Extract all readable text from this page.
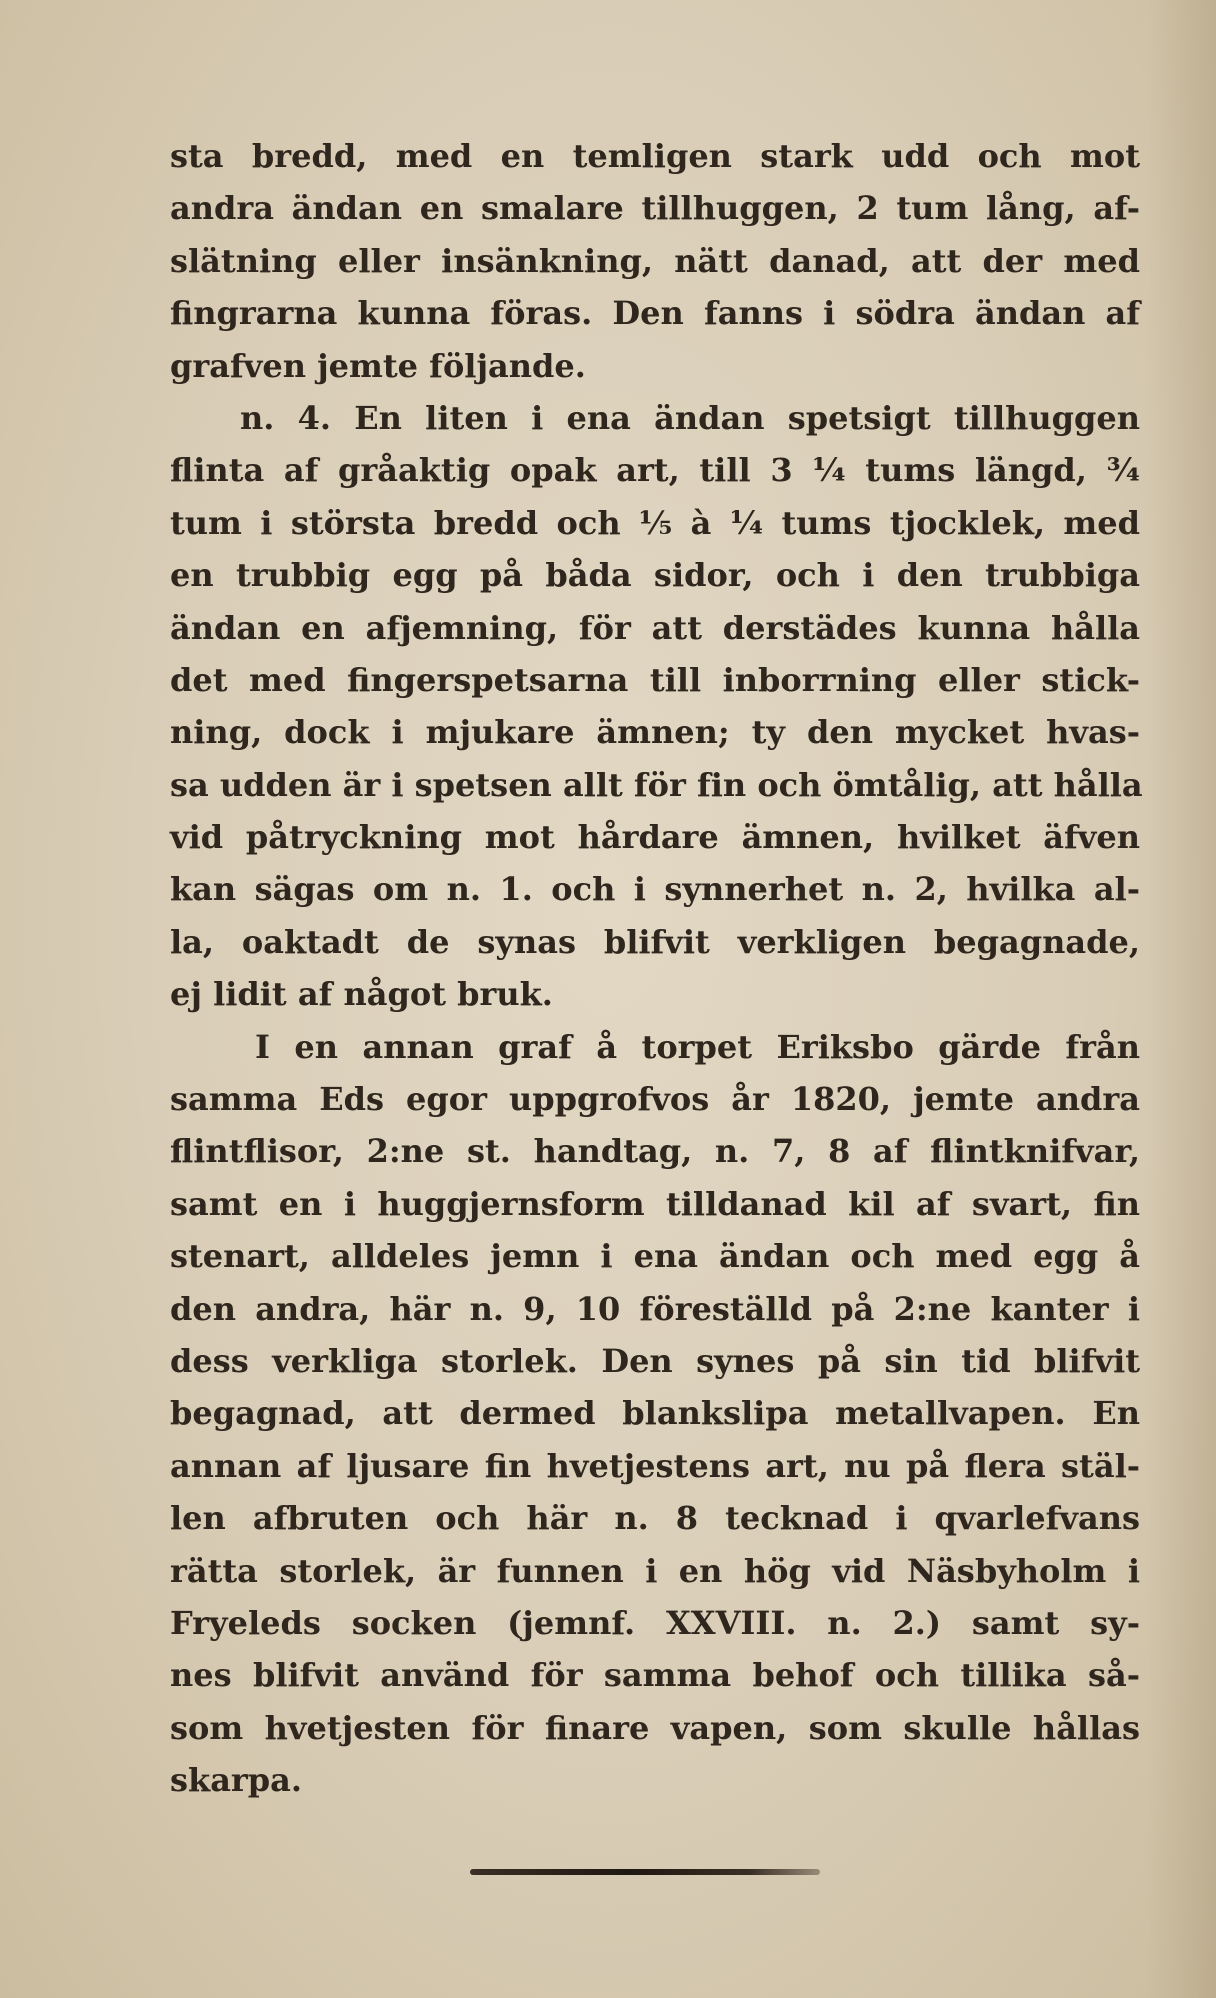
sta bredd, med en temligen stark udd och mot
andra ändan en smalare tillhuggen, 2 tum lång, af-
slätning eller insänkning, nätt danad, att der med
fingrarna kunna föras. Den fanns i södra ändan af
grafven jemte följande.
n. 4. En liten i ena ändan spetsigt tillhuggen
flinta af gråaktig opak art, till 3 ¼ tums längd, ¾
tum i största bredd och ⅕ à ¼ tums tjocklek, med
en trubbig egg på båda sidor, och i den trubbiga
ändan en afjemning, för att derstädes kunna hålla
det med fingerspetsarna till inborrning eller stick-
ning, dock i mjukare ämnen; ty den mycket hvas-
sa udden är i spetsen allt för fin och ömtålig, att hålla
vid påtryckning mot hårdare ämnen, hvilket äfven
kan sägas om n. 1. och i synnerhet n. 2, hvilka al-
la, oaktadt de synas blifvit verkligen begagnade,
ej lidit af något bruk.
I en annan graf å torpet Eriksbo gärde från
samma Eds egor uppgrofvos år 1820, jemte andra
flintflisor, 2:ne st. handtag, n. 7, 8 af flintknifvar,
samt en i huggjernsform tilldanad kil af svart, fin
stenart, alldeles jemn i ena ändan och med egg å
den andra, här n. 9, 10 föreställd på 2:ne kanter i
dess verkliga storlek. Den synes på sin tid blifvit
begagnad, att dermed blankslipa metallvapen. En
annan af ljusare fin hvetjestens art, nu på flera stäl-
len afbruten och här n. 8 tecknad i qvarlefvans
rätta storlek, är funnen i en hög vid Näsbyholm i
Fryeleds socken (jemnf. XXVIII. n. 2.) samt sy-
nes blifvit använd för samma behof och tillika så-
som hvetjesten för finare vapen, som skulle hållas
skarpa.
